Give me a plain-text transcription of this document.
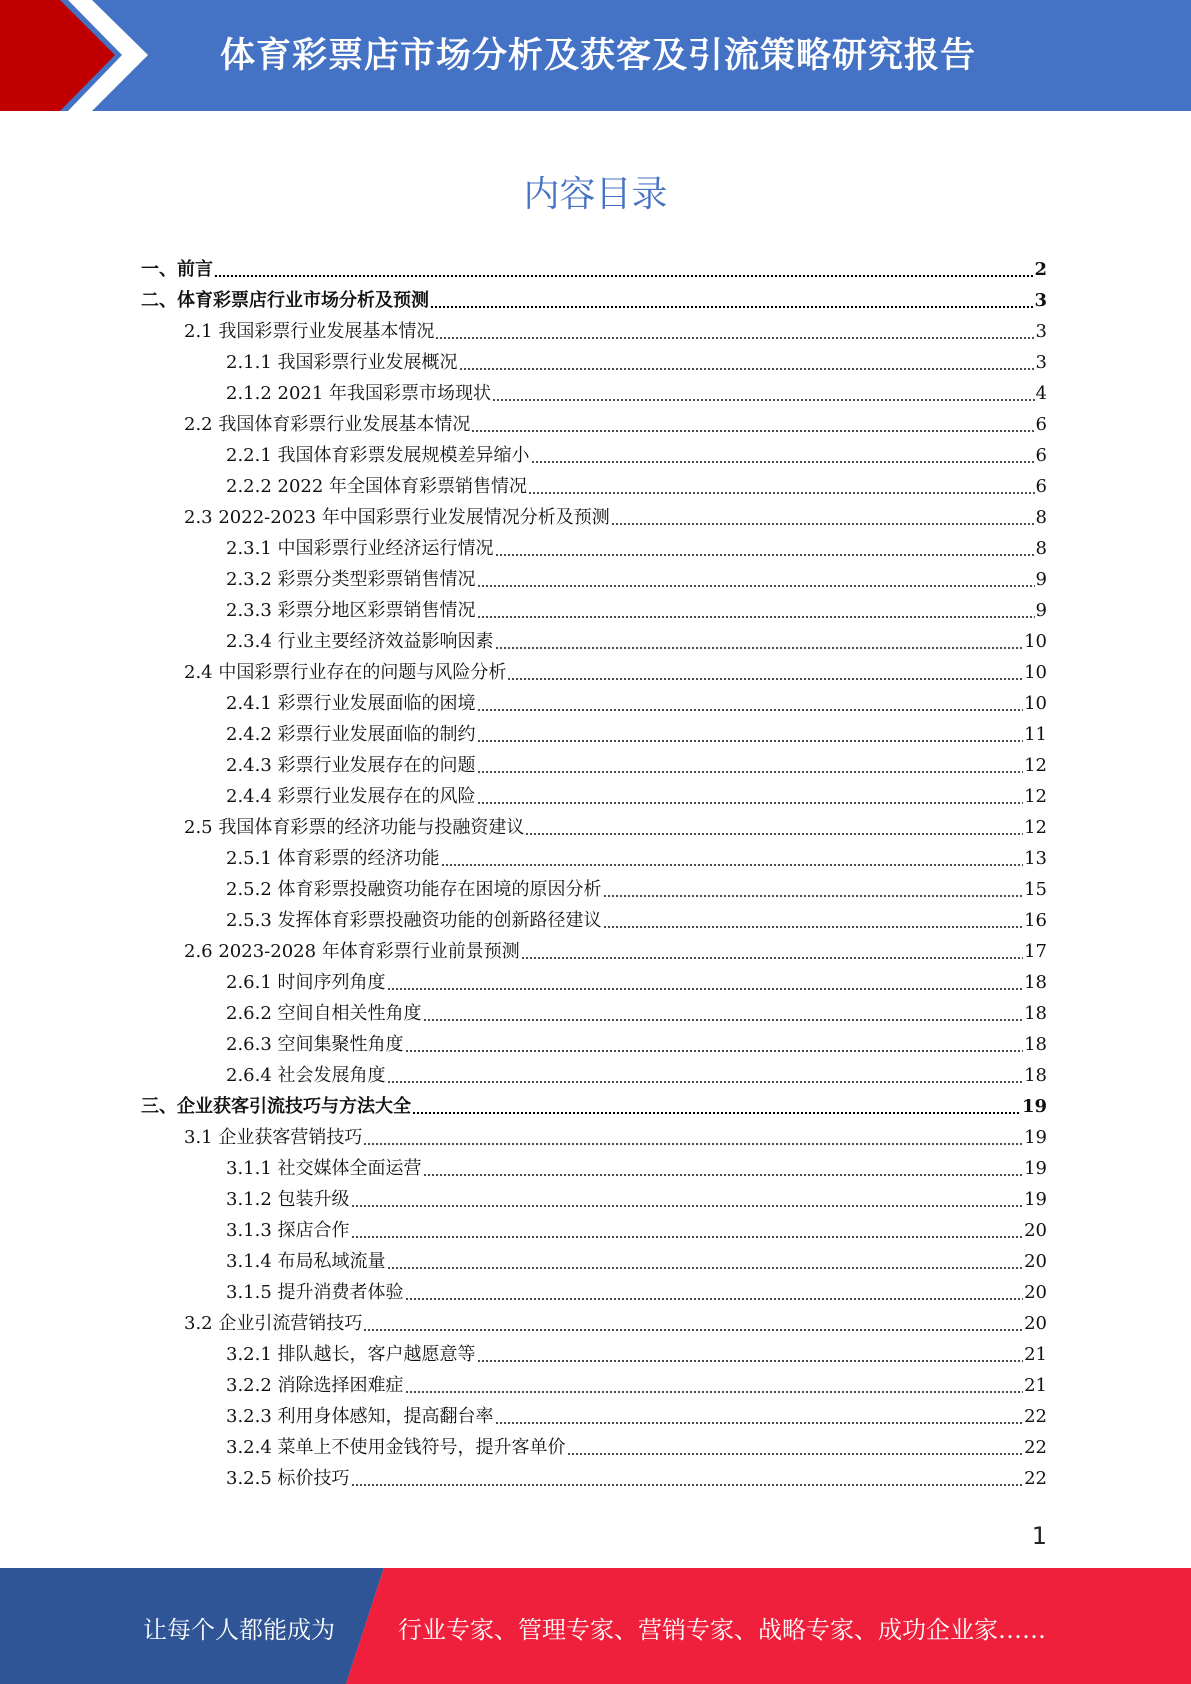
体育彩票店市场分析及获客及引流策略研究报告
内容目录
一、前言	2
二、体育彩票店行业市场分析及预测	3
2.1 我国彩票行业发展基本情况	3
2.1.1 我国彩票行业发展概况	3
2.1.2 2021 年我国彩票市场现状	4
2.2 我国体育彩票行业发展基本情况	6
2.2.1 我国体育彩票发展规模差异缩小	6
2.2.2 2022 年全国体育彩票销售情况	6
2.3 2022-2023 年中国彩票行业发展情况分析及预测	8
2.3.1 中国彩票行业经济运行情况	8
2.3.2 彩票分类型彩票销售情况	9
2.3.3 彩票分地区彩票销售情况	9
2.3.4 行业主要经济效益影响因素	10
2.4 中国彩票行业存在的问题与风险分析	10
2.4.1 彩票行业发展面临的困境	10
2.4.2 彩票行业发展面临的制约	11
2.4.3 彩票行业发展存在的问题	12
2.4.4 彩票行业发展存在的风险	12
2.5 我国体育彩票的经济功能与投融资建议	12
2.5.1 体育彩票的经济功能	13
2.5.2 体育彩票投融资功能存在困境的原因分析	15
2.5.3 发挥体育彩票投融资功能的创新路径建议	16
2.6 2023-2028 年体育彩票行业前景预测	17
2.6.1 时间序列角度	18
2.6.2 空间自相关性角度	18
2.6.3 空间集聚性角度	18
2.6.4 社会发展角度	18
三、企业获客引流技巧与方法大全	19
3.1 企业获客营销技巧	19
3.1.1 社交媒体全面运营	19
3.1.2 包装升级	19
3.1.3 探店合作	20
3.1.4 布局私域流量	20
3.1.5 提升消费者体验	20
3.2 企业引流营销技巧	20
3.2.1 排队越长，客户越愿意等	21
3.2.2 消除选择困难症	21
3.2.3 利用身体感知，提高翻台率	22
3.2.4 菜单上不使用金钱符号，提升客单价	22
3.2.5 标价技巧	22
1
让每个人都能成为	行业专家、管理专家、营销专家、战略专家、成功企业家……
